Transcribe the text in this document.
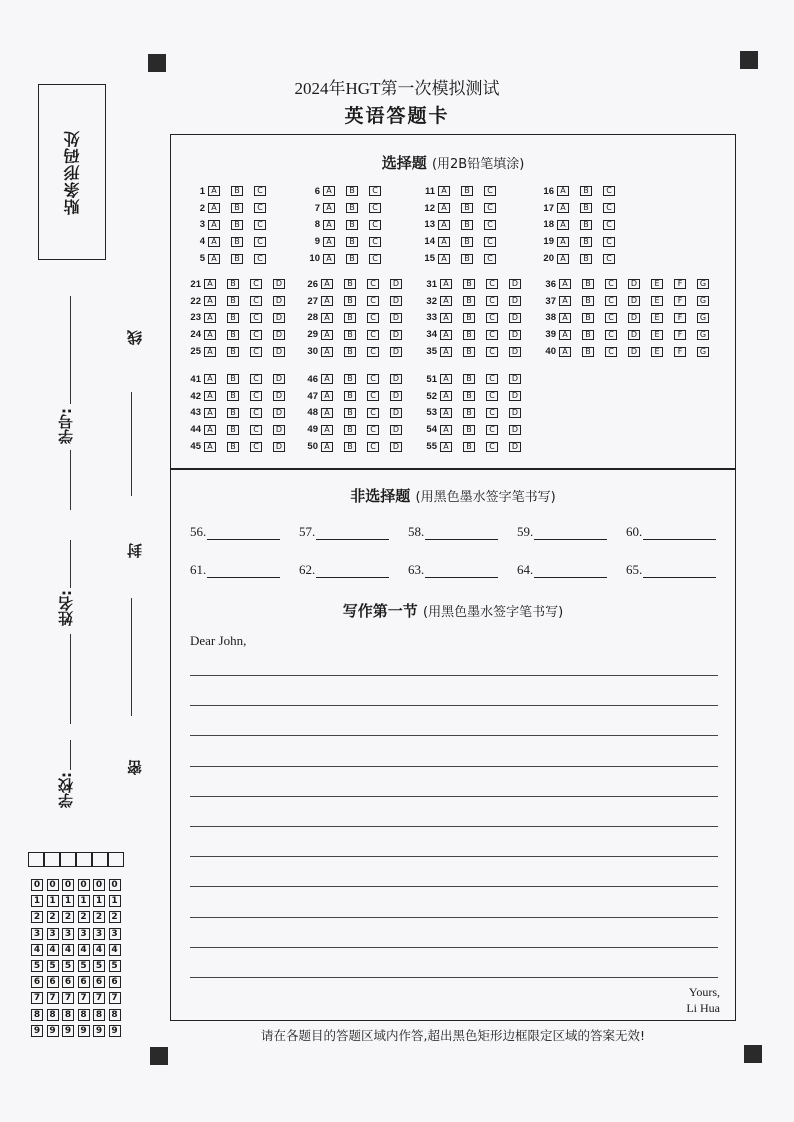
2024年HGT第一次模拟测试
英语答题卡
贴条形码处
学号:
姓名:
学校:
线
封
密
0	0	0	0	0	0
1	1	1	1	1	1
2	2	2	2	2	2
3	3	3	3	3	3
4	4	4	4	4	4
5	5	5	5	5	5
6	6	6	6	6	6
7	7	7	7	7	7
8	8	8	8	8	8
9	9	9	9	9	9
选择题 (用2B铅笔填涂)
1 A	B	C
2 A	B	C
3 A	B	C
4 A	B	C
5 A	B	C
6 A	B	C
7 A	B	C
8 A	B	C
9 A	B	C
10 A	B	C
11 A	B	C
12 A	B	C
13 A	B	C
14 A	B	C
15 A	B	C
16 A	B	C
17 A	B	C
18 A	B	C
19 A	B	C
20 A	B	C
21 A	B	C	D
22 A	B	C	D
23 A	B	C	D
24 A	B	C	D
25 A	B	C	D
26 A	B	C	D
27 A	B	C	D
28 A	B	C	D
29 A	B	C	D
30 A	B	C	D
31 A	B	C	D
32 A	B	C	D
33 A	B	C	D
34 A	B	C	D
35 A	B	C	D
36 A	B	C	D	E	F	G
37 A	B	C	D	E	F	G
38 A	B	C	D	E	F	G
39 A	B	C	D	E	F	G
40 A	B	C	D	E	F	G
41 A	B	C	D
42 A	B	C	D
43 A	B	C	D
44 A	B	C	D
45 A	B	C	D
46 A	B	C	D
47 A	B	C	D
48 A	B	C	D
49 A	B	C	D
50 A	B	C	D
51 A	B	C	D
52 A	B	C	D
53 A	B	C	D
54 A	B	C	D
55 A	B	C	D
非选择题 (用黑色墨水签字笔书写)
56.	57.	58.	59.	60.
61.	62.	63.	64.	65.
写作第一节 (用黑色墨水签字笔书写)
Dear John,
Yours,
Li Hua
请在各题目的答题区域内作答,超出黑色矩形边框限定区域的答案无效!
